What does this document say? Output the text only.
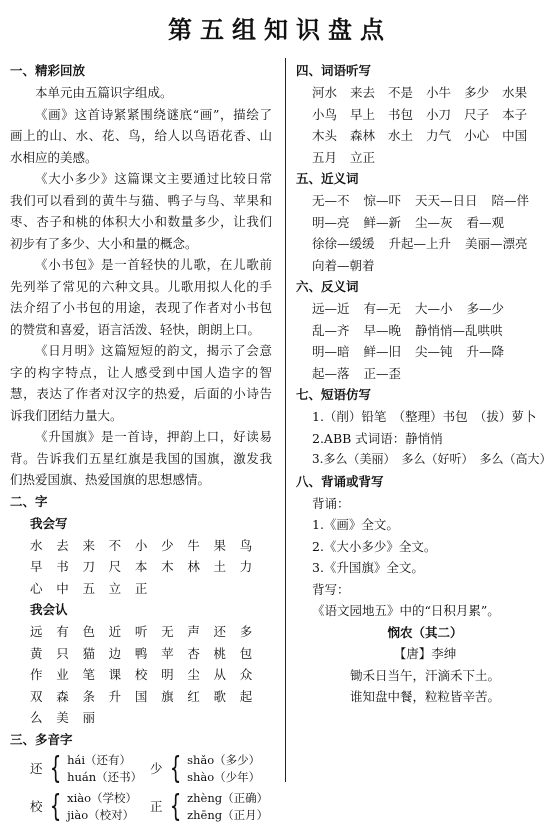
第五组知识盘点
一、精彩回放
本单元由五篇识字组成。
《画》这首诗紧紧围绕谜底“画”，描绘了画上的山、水、花、鸟，给人以鸟语花香、山水相应的美感。
《大小多少》这篇课文主要通过比较日常我们可以看到的黄牛与猫、鸭子与鸟、苹果和枣、杏子和桃的体积大小和数量多少，让我们初步有了多少、大小和量的概念。
《小书包》是一首轻快的儿歌，在儿歌前先列举了常见的六种文具。儿歌用拟人化的手法介绍了小书包的用途，表现了作者对小书包的赞赏和喜爱，语言活泼、轻快，朗朗上口。
《日月明》这篇短短的韵文，揭示了会意字的构字特点，让人感受到中国人造字的智慧，表达了作者对汉字的热爱，后面的小诗告诉我们团结力量大。
《升国旗》是一首诗，押韵上口，好读易背。告诉我们五星红旗是我国的国旗，激发我们热爱国旗、热爱国旗的思想感情。
二、字
我会写
水	去	来	不	小	少	牛	果	鸟
早	书	刀	尺	本	木	林	土	力
心	中	五	立	正
我会认
远	有	色	近	听	无	声	还	多
黄	只	猫	边	鸭	苹	杏	桃	包
作	业	笔	课	校	明	尘	从	众
双	森	条	升	国	旗	红	歌	起
么	美	丽
三、多音字
还 { hái（还有）
huán（还书）
少 { shǎo（多少）
shào（少年）
校 { xiào（学校）
jiào（校对）
正 { zhèng（正确）
zhēng（正月）
四、词语听写
河水 来去 不是 小牛 多少 水果
小鸟 早上 书包 小刀 尺子 本子
木头 森林 水土 力气 小心 中国
五月 立正
五、近义词
无—不 惊—吓 天天—日日 陪—伴
明—亮 鲜—新 尘—灰 看—观
徐徐—缓缓 升起—上升 美丽—漂亮
向着—朝着
六、反义词
远—近 有—无 大—小 多—少
乱—齐 早—晚 静悄悄—乱哄哄
明—暗 鲜—旧 尖—钝 升—降
起—落 正—歪
七、短语仿写
1.（削）铅笔　（整理）书包　（拔）萝卜
2.ABB 式词语：静悄悄
3.多么（美丽）　多么（好听）　多么（高大）
八、背诵或背写
背诵：
1.《画》全文。
2.《大小多少》全文。
3.《升国旗》全文。
背写：
《语文园地五》中的“日积月累”。
悯农（其二）
【唐】李绅
锄禾日当午，汗滴禾下土。
谁知盘中餐，粒粒皆辛苦。
